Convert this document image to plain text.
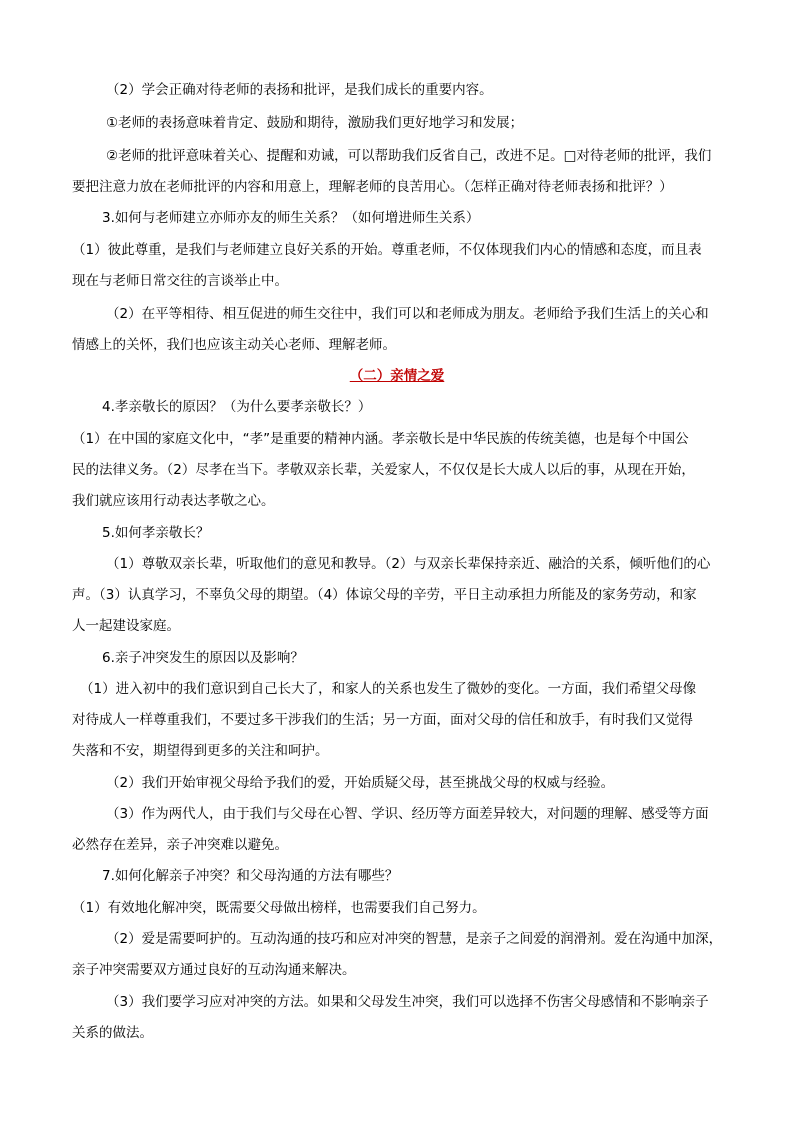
（2）学会正确对待老师的表扬和批评，是我们成长的重要内容。
①老师的表扬意味着肯定、鼓励和期待，激励我们更好地学习和发展；
②老师的批评意味着关心、提醒和劝诫，可以帮助我们反省自己，改进不足。□对待老师的批评，我们
要把注意力放在老师批评的内容和用意上，理解老师的良苦用心。（怎样正确对待老师表扬和批评？）
3.如何与老师建立亦师亦友的师生关系？（如何增进师生关系）
（1）彼此尊重，是我们与老师建立良好关系的开始。尊重老师，不仅体现我们内心的情感和态度，而且表
现在与老师日常交往的言谈举止中。
（2）在平等相待、相互促进的师生交往中，我们可以和老师成为朋友。老师给予我们生活上的关心和
情感上的关怀，我们也应该主动关心老师、理解老师。
（二）亲情之爱
4.孝亲敬长的原因？（为什么要孝亲敬长？）
（1）在中国的家庭文化中，“孝”是重要的精神内涵。孝亲敬长是中华民族的传统美德，也是每个中国公
民的法律义务。（2）尽孝在当下。孝敬双亲长辈，关爱家人，不仅仅是长大成人以后的事，从现在开始，
我们就应该用行动表达孝敬之心。
5.如何孝亲敬长？
（1）尊敬双亲长辈，听取他们的意见和教导。（2）与双亲长辈保持亲近、融洽的关系，倾听他们的心
声。（3）认真学习，不辜负父母的期望。（4）体谅父母的辛劳，平日主动承担力所能及的家务劳动，和家
人一起建设家庭。
6.亲子冲突发生的原因以及影响？
（1）进入初中的我们意识到自己长大了，和家人的关系也发生了微妙的变化。一方面，我们希望父母像
对待成人一样尊重我们，不要过多干涉我们的生活；另一方面，面对父母的信任和放手，有时我们又觉得
失落和不安，期望得到更多的关注和呵护。
（2）我们开始审视父母给予我们的爱，开始质疑父母，甚至挑战父母的权威与经验。
（3）作为两代人，由于我们与父母在心智、学识、经历等方面差异较大，对问题的理解、感受等方面
必然存在差异，亲子冲突难以避免。
7.如何化解亲子冲突？和父母沟通的方法有哪些？
（1）有效地化解冲突，既需要父母做出榜样，也需要我们自己努力。
（2）爱是需要呵护的。互动沟通的技巧和应对冲突的智慧，是亲子之间爱的润滑剂。爱在沟通中加深，
亲子冲突需要双方通过良好的互动沟通来解决。
（3）我们要学习应对冲突的方法。如果和父母发生冲突，我们可以选择不伤害父母感情和不影响亲子
关系的做法。
